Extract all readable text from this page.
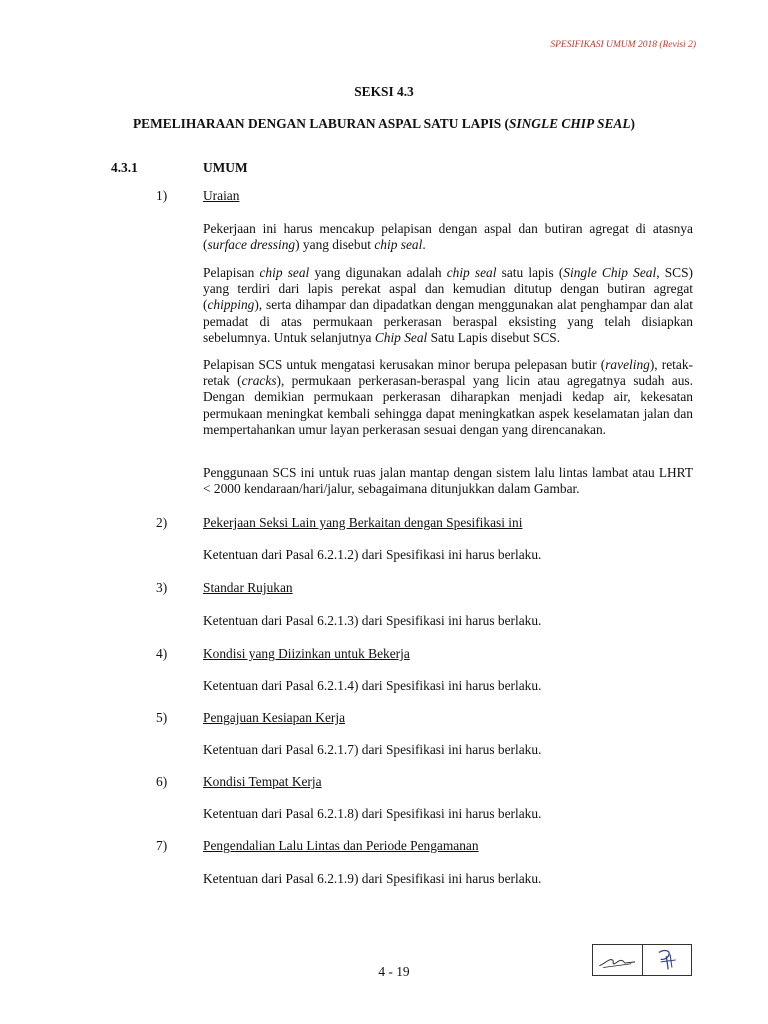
SPESIFIKASI UMUM 2018 (Revisi 2)
SEKSI 4.3
PEMELIHARAAN DENGAN LABURAN ASPAL SATU LAPIS (SINGLE CHIP SEAL)
4.3.1	UMUM
1)	Uraian

Pekerjaan ini harus mencakup pelapisan dengan aspal dan butiran agregat di atasnya (surface dressing) yang disebut chip seal.

Pelapisan chip seal yang digunakan adalah chip seal satu lapis (Single Chip Seal, SCS) yang terdiri dari lapis perekat aspal dan kemudian ditutup dengan butiran agregat (chipping), serta dihampar dan dipadatkan dengan menggunakan alat penghampar dan alat pemadat di atas permukaan perkerasan beraspal eksisting yang telah disiapkan sebelumnya. Untuk selanjutnya Chip Seal Satu Lapis disebut SCS.

Pelapisan SCS untuk mengatasi kerusakan minor berupa pelepasan butir (raveling), retak-retak (cracks), permukaan perkerasan-beraspal yang licin atau agregatnya sudah aus. Dengan demikian permukaan perkerasan diharapkan menjadi kedap air, kekesatan permukaan meningkat kembali sehingga dapat meningkatkan aspek keselamatan jalan dan mempertahankan umur layan perkerasan sesuai dengan yang direncanakan.

Penggunaan SCS ini untuk ruas jalan mantap dengan sistem lalu lintas lambat atau LHRT < 2000 kendaraan/hari/jalur, sebagaimana ditunjukkan dalam Gambar.

2)	Pekerjaan Seksi Lain yang Berkaitan dengan Spesifikasi ini

Ketentuan dari Pasal 6.2.1.2) dari Spesifikasi ini harus berlaku.

3)	Standar Rujukan

Ketentuan dari Pasal 6.2.1.3) dari Spesifikasi ini harus berlaku.

4)	Kondisi yang Diizinkan untuk Bekerja

Ketentuan dari Pasal 6.2.1.4) dari Spesifikasi ini harus berlaku.

5)	Pengajuan Kesiapan Kerja

Ketentuan dari Pasal 6.2.1.7) dari Spesifikasi ini harus berlaku.

6)	Kondisi Tempat Kerja

Ketentuan dari Pasal 6.2.1.8) dari Spesifikasi ini harus berlaku.

7)	Pengendalian Lalu Lintas dan Periode Pengamanan

Ketentuan dari Pasal 6.2.1.9) dari Spesifikasi ini harus berlaku.

4 - 19
